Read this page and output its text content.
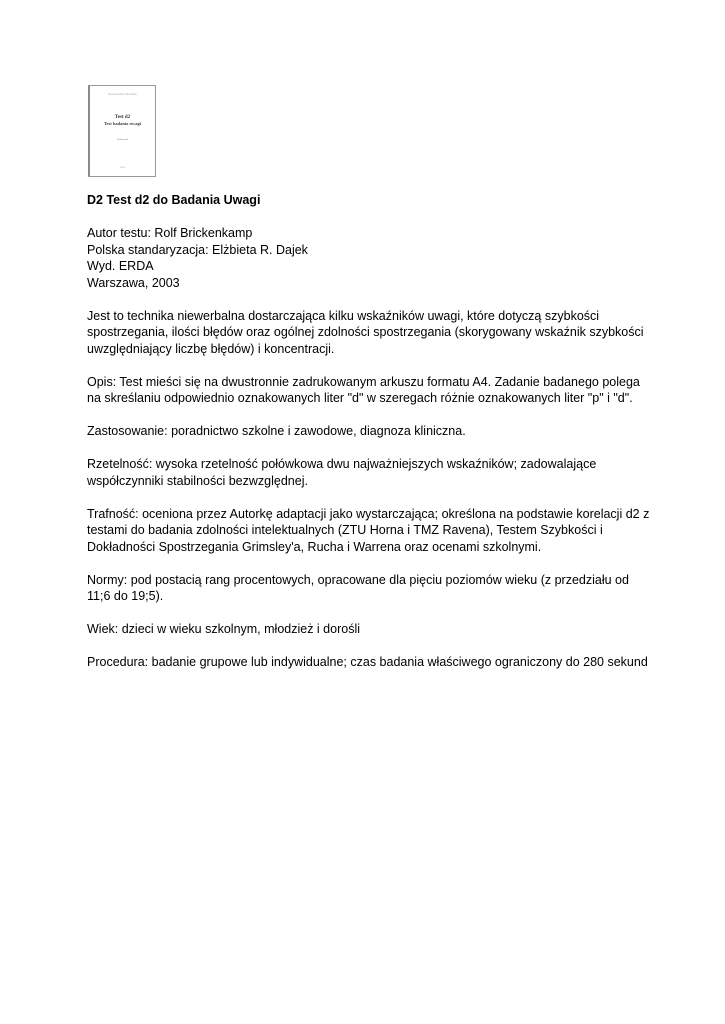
PRACOWNIA TESTÓW
Test d2
Test badania uwagi
Podręcznik
2003
D2 Test d2 do Badania Uwagi
Autor testu: Rolf Brickenkamp
Polska standaryzacja: Elżbieta R. Dajek
Wyd. ERDA
Warszawa, 2003

Jest to technika niewerbalna dostarczająca kilku wskaźników uwagi, które dotyczą szybkości spostrzegania, ilości błędów oraz ogólnej zdolności spostrzegania (skorygowany wskaźnik szybkości uwzględniający liczbę błędów) i koncentracji.

Opis: Test mieści się na dwustronnie zadrukowanym arkuszu formatu A4. Zadanie badanego polega na skreślaniu odpowiednio oznakowanych liter "d" w szeregach różnie oznakowanych liter "p" i "d".

Zastosowanie: poradnictwo szkolne i zawodowe, diagnoza kliniczna.

Rzetelność: wysoka rzetelność połówkowa dwu najważniejszych wskaźników; zadowalające współczynniki stabilności bezwzględnej.

Trafność: oceniona przez Autorkę adaptacji jako wystarczająca; określona na podstawie korelacji d2 z testami do badania zdolności intelektualnych (ZTU Horna i TMZ Ravena), Testem Szybkości i Dokładności Spostrzegania Grimsley'a, Rucha i Warrena oraz ocenami szkolnymi.

Normy: pod postacią rang procentowych, opracowane dla pięciu poziomów wieku (z przedziału od 11;6 do 19;5).

Wiek: dzieci w wieku szkolnym, młodzież i dorośli

Procedura: badanie grupowe lub indywidualne; czas badania właściwego ograniczony do 280 sekund
